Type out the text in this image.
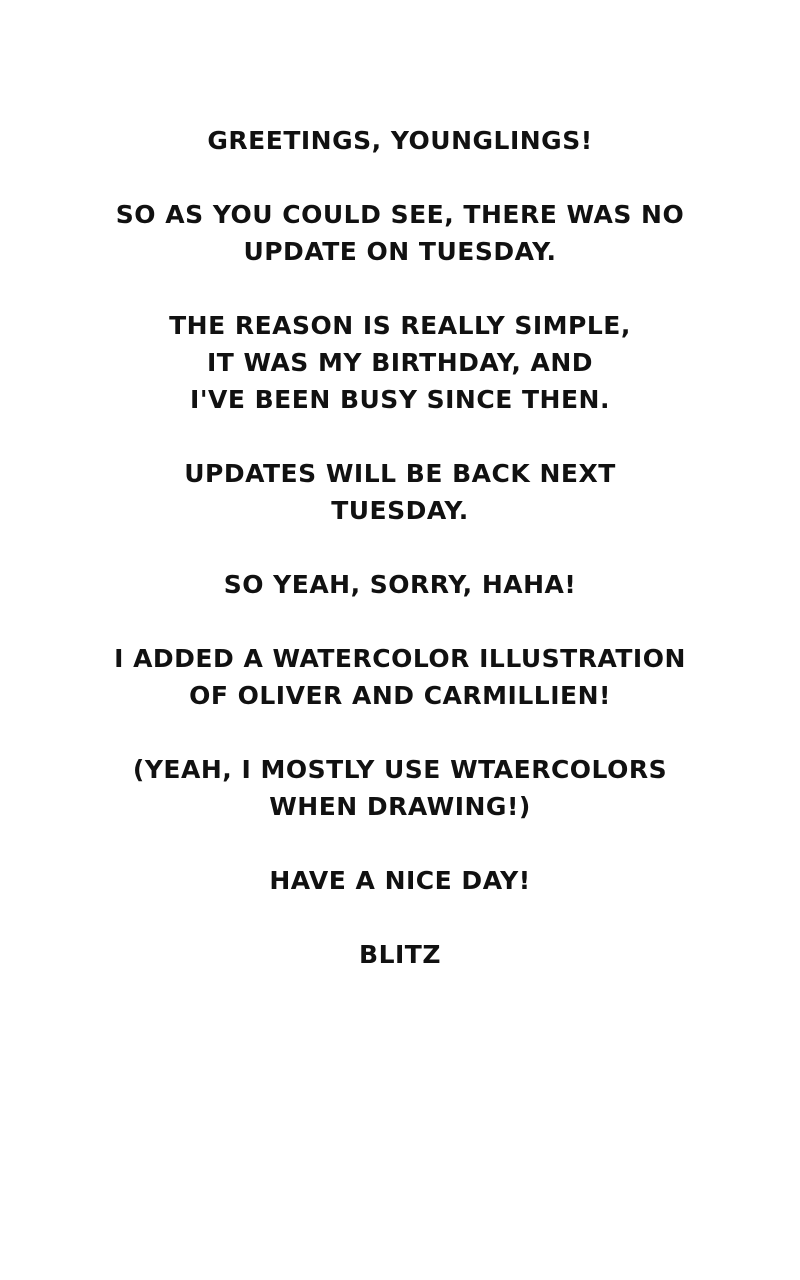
GREETINGS, YOUNGLINGS!

SO AS YOU COULD SEE, THERE WAS NO
UPDATE ON TUESDAY.

THE REASON IS REALLY SIMPLE,
IT WAS MY BIRTHDAY, AND
I'VE BEEN BUSY SINCE THEN.

UPDATES WILL BE BACK NEXT
TUESDAY.

SO YEAH, SORRY, HAHA!

I ADDED A WATERCOLOR ILLUSTRATION
OF OLIVER AND CARMILLIEN!

(YEAH, I MOSTLY USE WTAERCOLORS
WHEN DRAWING!)

HAVE A NICE DAY!

BLITZ
